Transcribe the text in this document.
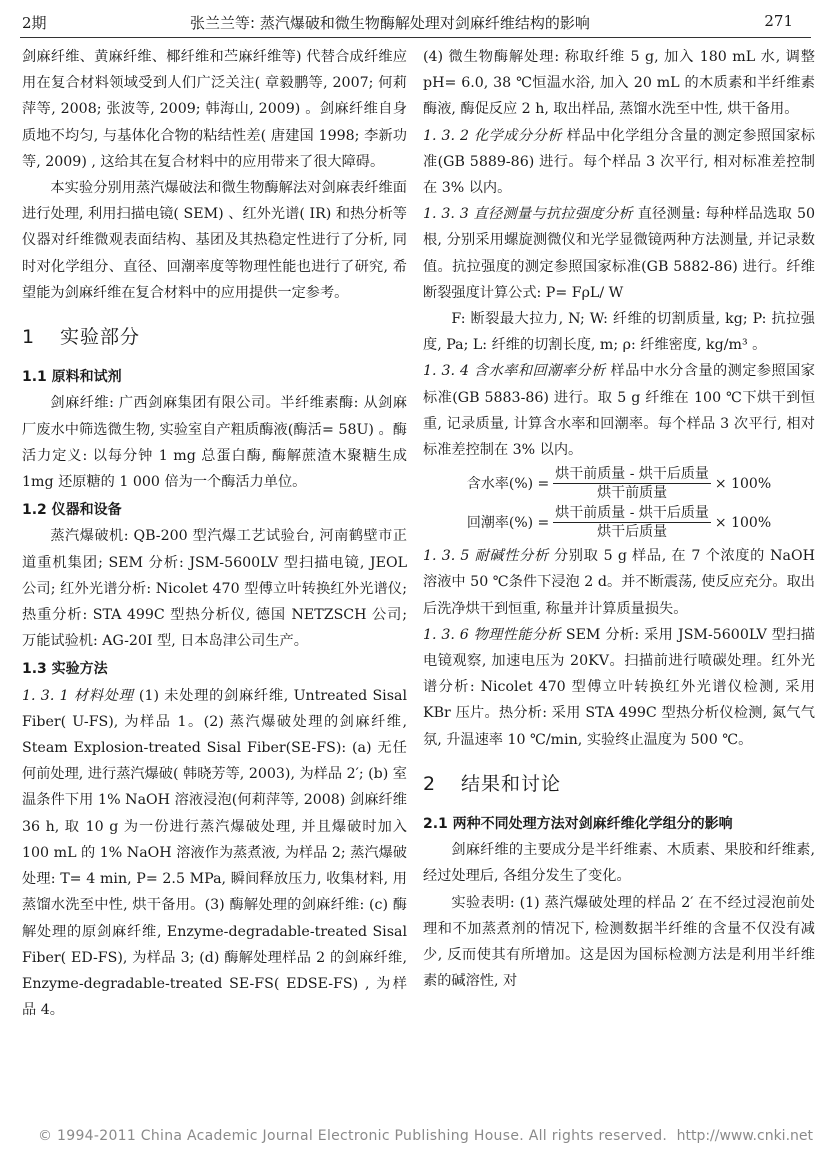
2期	张兰兰等: 蒸汽爆破和微生物酶解处理对剑麻纤维结构的影响	271

剑麻纤维、黄麻纤维、椰纤维和苎麻纤维等) 代替合成纤维应用在复合材料领域受到人们广泛关注( 章毅鹏等, 2007; 何莉萍等, 2008; 张波等, 2009; 韩海山, 2009) 。剑麻纤维自身质地不均匀, 与基体化合物的粘结性差( 唐建国 1998; 李新功等, 2009) , 这给其在复合材料中的应用带来了很大障碍。

本实验分别用蒸汽爆破法和微生物酶解法对剑麻表纤维面进行处理, 利用扫描电镜( SEM) 、红外光谱( IR) 和热分析等仪器对纤维微观表面结构、基团及其热稳定性进行了分析, 同时对化学组分、直径、回潮率度等物理性能也进行了研究, 希望能为剑麻纤维在复合材料中的应用提供一定参考。

1 实验部分
1.1 原料和试剂

剑麻纤维: 广西剑麻集团有限公司。半纤维素酶: 从剑麻厂废水中筛选微生物, 实验室自产粗质酶液(酶活= 58U) 。酶活力定义: 以每分钟 1 mg 总蛋白酶, 酶解蔗渣木聚糖生成 1mg 还原糖的 1 000 倍为一个酶活力单位。

1.2 仪器和设备

蒸汽爆破机: QB-200 型汽爆工艺试验台, 河南鹤壁市正道重机集团; SEM 分析: JSM-5600LV 型扫描电镜, JEOL 公司; 红外光谱分析: Nicolet 470 型傅立叶转换红外光谱仪; 热重分析: STA 499C 型热分析仪, 德国 NETZSCH 公司; 万能试验机: AG-20I 型, 日本岛津公司生产。

1.3 实验方法

1. 3. 1 材料处理 (1) 未处理的剑麻纤维, Untreated Sisal Fiber( U-FS), 为样品 1。(2) 蒸汽爆破处理的剑麻纤维, Steam Explosion-treated Sisal Fiber(SE-FS): (a) 无任何前处理, 进行蒸汽爆破( 韩晓芳等, 2003), 为样品 2′; (b) 室温条件下用 1% NaOH 溶液浸泡(何莉萍等, 2008) 剑麻纤维 36 h, 取 10 g 为一份进行蒸汽爆破处理, 并且爆破时加入 100 mL 的 1% NaOH 溶液作为蒸煮液, 为样品 2; 蒸汽爆破处理: T= 4 min, P= 2.5 MPa, 瞬间释放压力, 收集材料, 用蒸馏水洗至中性, 烘干备用。(3) 酶解处理的剑麻纤维: (c) 酶解处理的原剑麻纤维, Enzyme-degradable-treated Sisal Fiber( ED-FS), 为样品 3; (d) 酶解处理样品 2 的剑麻纤维, Enzyme-degradable-treated SE-FS( EDSE-FS) , 为样品 4。

(4) 微生物酶解处理: 称取纤维 5 g, 加入 180 mL 水, 调整 pH= 6.0, 38 ℃恒温水浴, 加入 20 mL 的木质素和半纤维素酶液, 酶促反应 2 h, 取出样品, 蒸馏水洗至中性, 烘干备用。

1. 3. 2 化学成分分析 样品中化学组分含量的测定参照国家标准(GB 5889-86) 进行。每个样品 3 次平行, 相对标准差控制在 3% 以内。

1. 3. 3 直径测量与抗拉强度分析 直径测量: 每种样品选取 50 根, 分别采用螺旋测微仪和光学显微镜两种方法测量, 并记录数值。抗拉强度的测定参照国家标准(GB 5882-86) 进行。纤维断裂强度计算公式: P= FρL/ W

F: 断裂最大拉力, N; W: 纤维的切割质量, kg; P: 抗拉强度, Pa; L: 纤维的切割长度, m; ρ: 纤维密度, kg/m³ 。

1. 3. 4 含水率和回潮率分析 样品中水分含量的测定参照国家标准(GB 5883-86) 进行。取 5 g 纤维在 100 ℃下烘干到恒重, 记录质量, 计算含水率和回潮率。每个样品 3 次平行, 相对标准差控制在 3% 以内。

含水率(%) = $\frac{\text{烘干前质量 - 烘干后质量}}{\text{烘干前质量}} \times 100\%$
回潮率(%) = $\frac{\text{烘干前质量 - 烘干后质量}}{\text{烘干后质量}} \times 100\%$

1. 3. 5 耐碱性分析 分别取 5 g 样品, 在 7 个浓度的 NaOH 溶液中 50 ℃条件下浸泡 2 d。并不断震荡, 使反应充分。取出后洗净烘干到恒重, 称量并计算质量损失。

1. 3. 6 物理性能分析 SEM 分析: 采用 JSM-5600LV 型扫描电镜观察, 加速电压为 20KV。扫描前进行喷碳处理。红外光谱分析: Nicolet 470 型傅立叶转换红外光谱仪检测, 采用 KBr 压片。热分析: 采用 STA 499C 型热分析仪检测, 氮气气氛, 升温速率 10 ℃/min, 实验终止温度为 500 ℃。

2 结果和讨论
2.1 两种不同处理方法对剑麻纤维化学组分的影响

剑麻纤维的主要成分是半纤维素、木质素、果胶和纤维素, 经过处理后, 各组分发生了变化。

实验表明: (1) 蒸汽爆破处理的样品 2′ 在不经过浸泡前处理和不加蒸煮剂的情况下, 检测数据半纤维的含量不仅没有减少, 反而使其有所增加。这是因为国标检测方法是利用半纤维素的碱溶性, 对

© 1994-2011 China Academic Journal Electronic Publishing House. All rights reserved. http://www.cnki.net
